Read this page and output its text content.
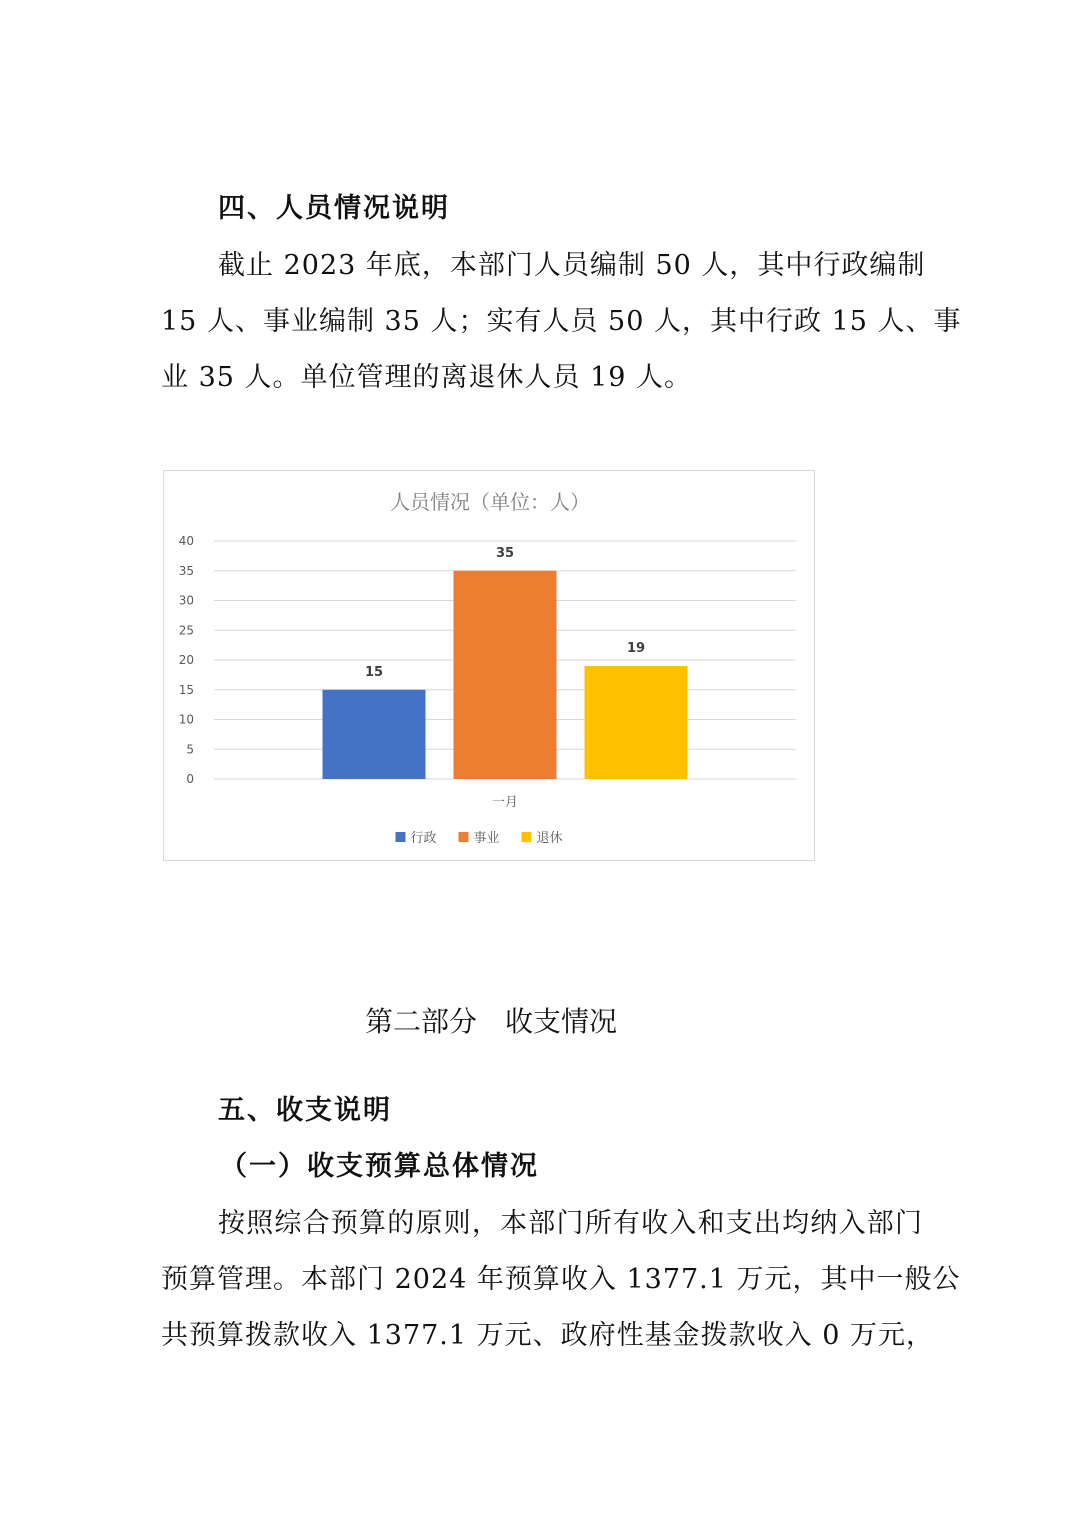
四、人员情况说明
截止 2023 年底，本部门人员编制 50 人，其中行政编制
15 人、事业编制 35 人；实有人员 50 人，其中行政 15 人、事
业 35 人。单位管理的离退休人员 19 人。
人员情况（单位：人）
0
5
10
15
20
25
30
35
40
15
35
19
一月
行政	事业	退休
第二部分　收支情况
五、收支说明
（一）收支预算总体情况
按照综合预算的原则，本部门所有收入和支出均纳入部门
预算管理。本部门 2024 年预算收入 1377.1 万元，其中一般公
共预算拨款收入 1377.1 万元、政府性基金拨款收入 0 万元，
